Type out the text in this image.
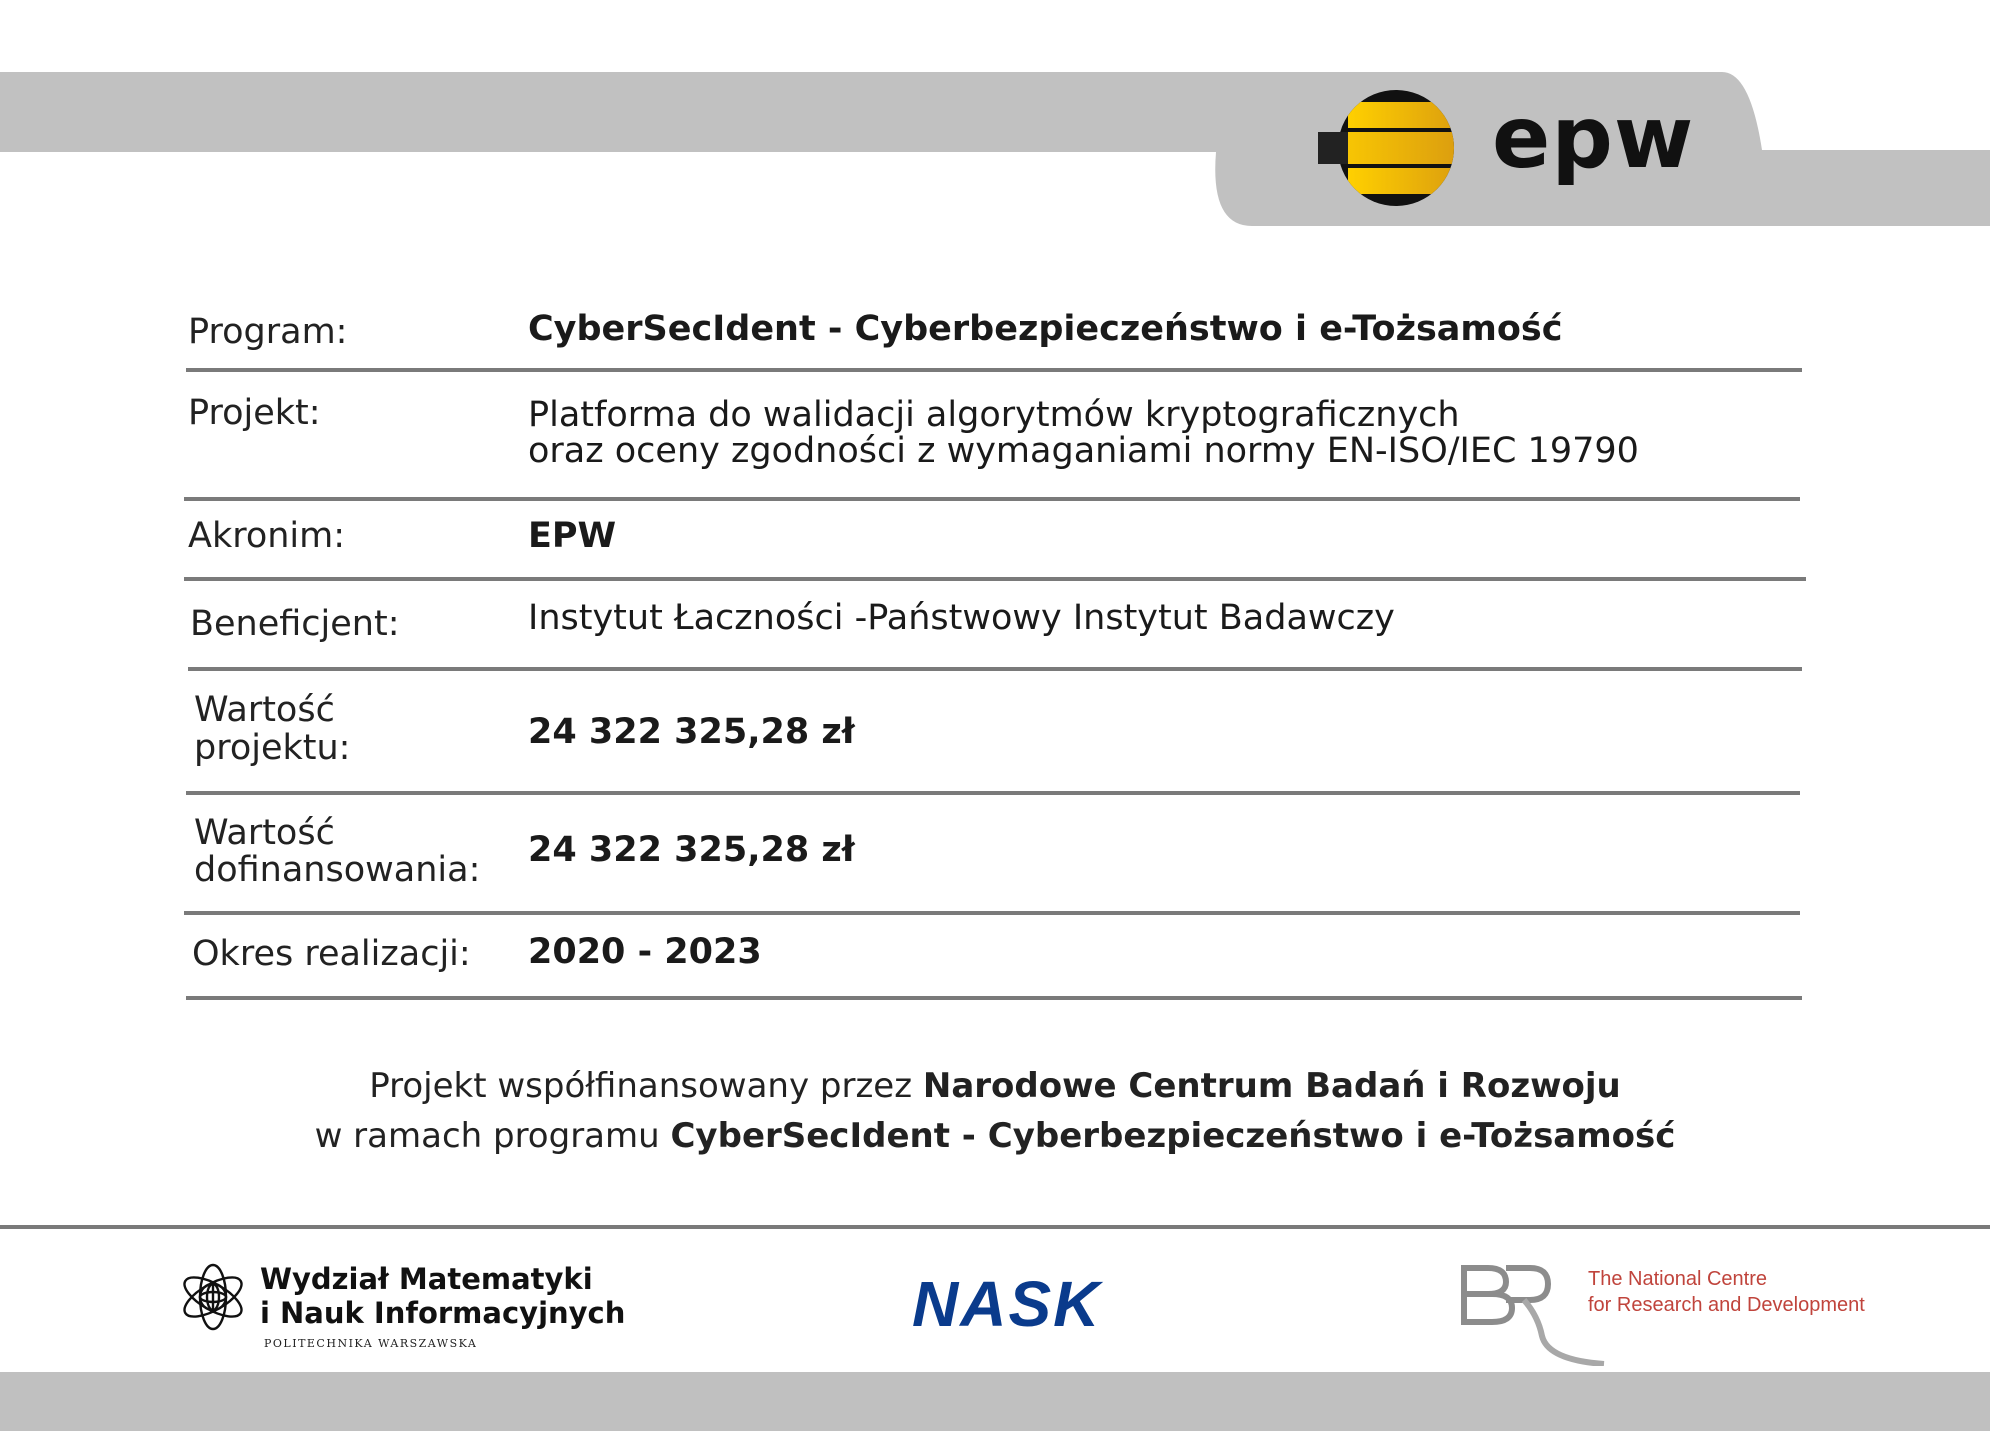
epw
Program:	CyberSecIdent - Cyberbezpieczeństwo i e-Tożsamość
Projekt:	Platforma do walidacji algorytmów kryptograficznych
oraz oceny zgodności z wymaganiami normy EN-ISO/IEC 19790
Akronim:	EPW
Beneficjent:	Instytut Łaczności -Państwowy Instytut Badawczy
Wartość
projektu:	24 322 325,28 zł
Wartość
dofinansowania: 24 322 325,28 zł
Okres realizacji: 2020 - 2023
Projekt współfinansowany przez Narodowe Centrum Badań i Rozwoju
w ramach programu CyberSecIdent - Cyberbezpieczeństwo i e-Tożsamość
Wydział Matematyki
i Nauk Informacyjnych
POLITECHNIKA WARSZAWSKA
NASK	The National Centre
for Research and Development
